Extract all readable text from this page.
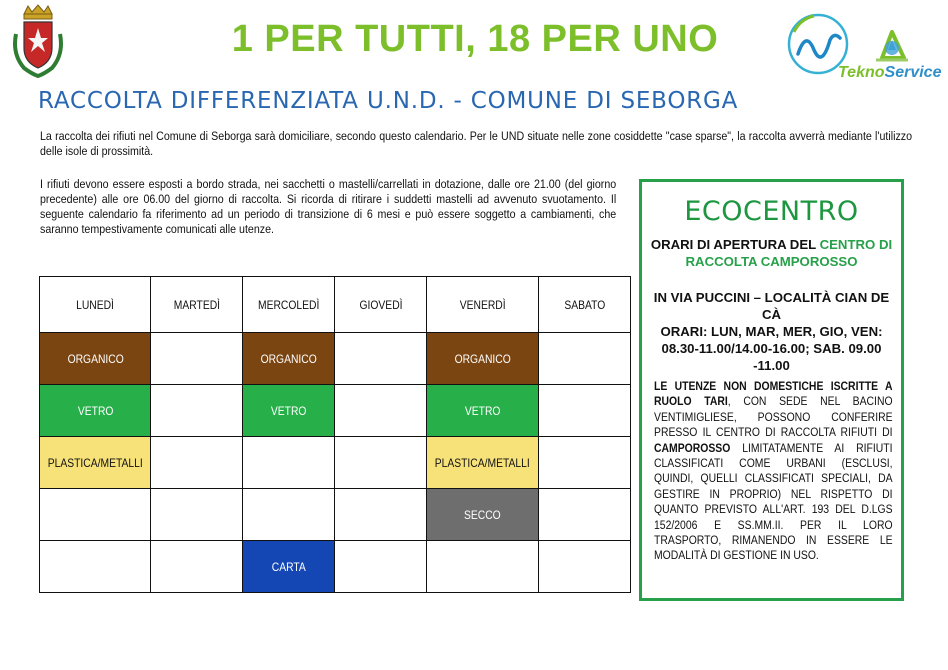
1 PER TUTTI, 18 PER UNO
TeknoService
RACCOLTA DIFFERENZIATA U.N.D. - COMUNE DI SEBORGA
La raccolta dei rifiuti nel Comune di Seborga sarà domiciliare, secondo questo calendario. Per le UND situate nelle zone cosiddette "case sparse", la raccolta avverrà mediante l'utilizzo delle isole di prossimità.
I rifiuti devono essere esposti a bordo strada, nei sacchetti o mastelli/carrellati in dotazione, dalle ore 21.00 (del giorno precedente) alle ore 06.00 del giorno di raccolta. Si ricorda di ritirare i suddetti mastelli ad avvenuto svuotamento. Il seguente calendario fa riferimento ad un periodo di transizione di 6 mesi e può essere soggetto a cambiamenti, che saranno tempestivamente comunicati alle utenze.
LUNEDÌ	MARTEDÌ	MERCOLEDÌ	GIOVEDÌ	VENERDÌ	SABATO
ORGANICO		ORGANICO		ORGANICO	
VETRO		VETRO		VETRO	
PLASTICA/METALLI				PLASTICA/METALLI	
				SECCO	
		CARTA			
ECOCENTRO
ORARI DI APERTURA DEL CENTRO DI RACCOLTA CAMPOROSSO
IN VIA PUCCINI – LOCALITÀ CIAN DE CÀ
ORARI: LUN, MAR, MER, GIO, VEN: 08.30-11.00/14.00-16.00; SAB. 09.00 -11.00
LE UTENZE NON DOMESTICHE ISCRITTE A RUOLO TARI, CON SEDE NEL BACINO VENTIMIGLIESE, POSSONO CONFERIRE PRESSO IL CENTRO DI RACCOLTA RIFIUTI DI CAMPOROSSO LIMITATAMENTE AI RIFIUTI CLASSIFICATI COME URBANI (ESCLUSI, QUINDI, QUELLI CLASSIFICATI SPECIALI, DA GESTIRE IN PROPRIO) NEL RISPETTO DI QUANTO PREVISTO ALL'ART. 193 DEL D.LGS 152/2006 E SS.MM.II. PER IL LORO TRASPORTO, RIMANENDO IN ESSERE LE MODALITÀ DI GESTIONE IN USO.
